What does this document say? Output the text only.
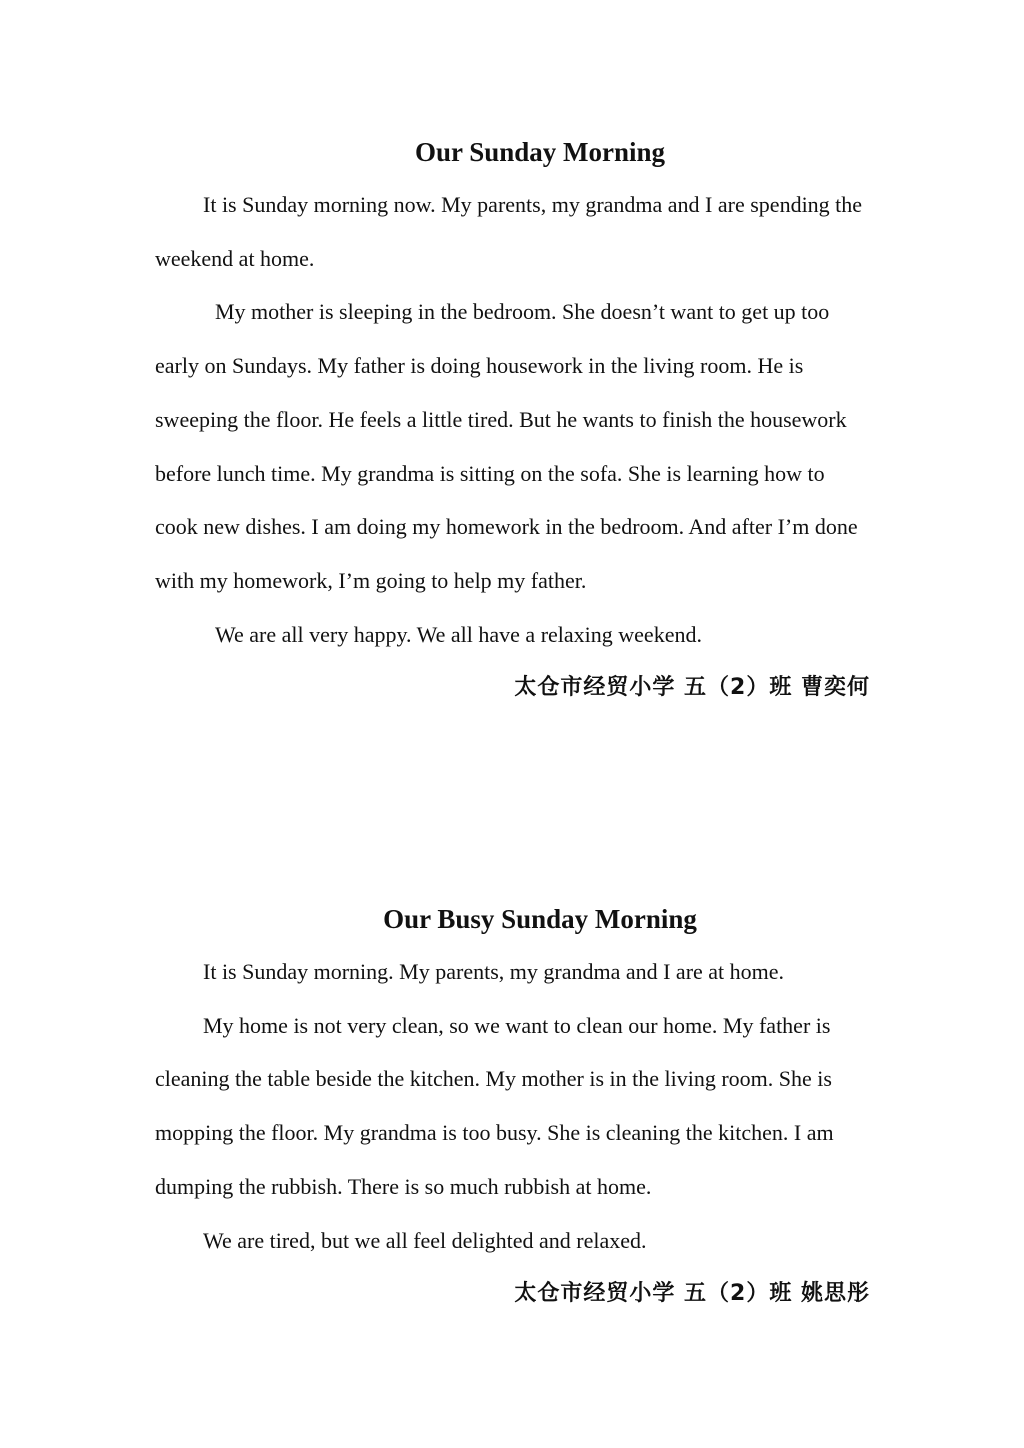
Our Sunday Morning

It is Sunday morning now. My parents, my grandma and I are spending the weekend at home.

My mother is sleeping in the bedroom. She doesn’t want to get up too early on Sundays. My father is doing housework in the living room. He is sweeping the floor. He feels a little tired. But he wants to finish the housework before lunch time. My grandma is sitting on the sofa. She is learning how to cook new dishes. I am doing my homework in the bedroom. And after I’m done with my homework, I’m going to help my father.

We are all very happy. We all have a relaxing weekend.

太仓市经贸小学 五（2）班 曹奕何

Our Busy Sunday Morning

It is Sunday morning. My parents, my grandma and I are at home.

My home is not very clean, so we want to clean our home. My father is cleaning the table beside the kitchen. My mother is in the living room. She is mopping the floor. My grandma is too busy. She is cleaning the kitchen. I am dumping the rubbish. There is so much rubbish at home.

We are tired, but we all feel delighted and relaxed.

太仓市经贸小学 五（2）班 姚思彤
